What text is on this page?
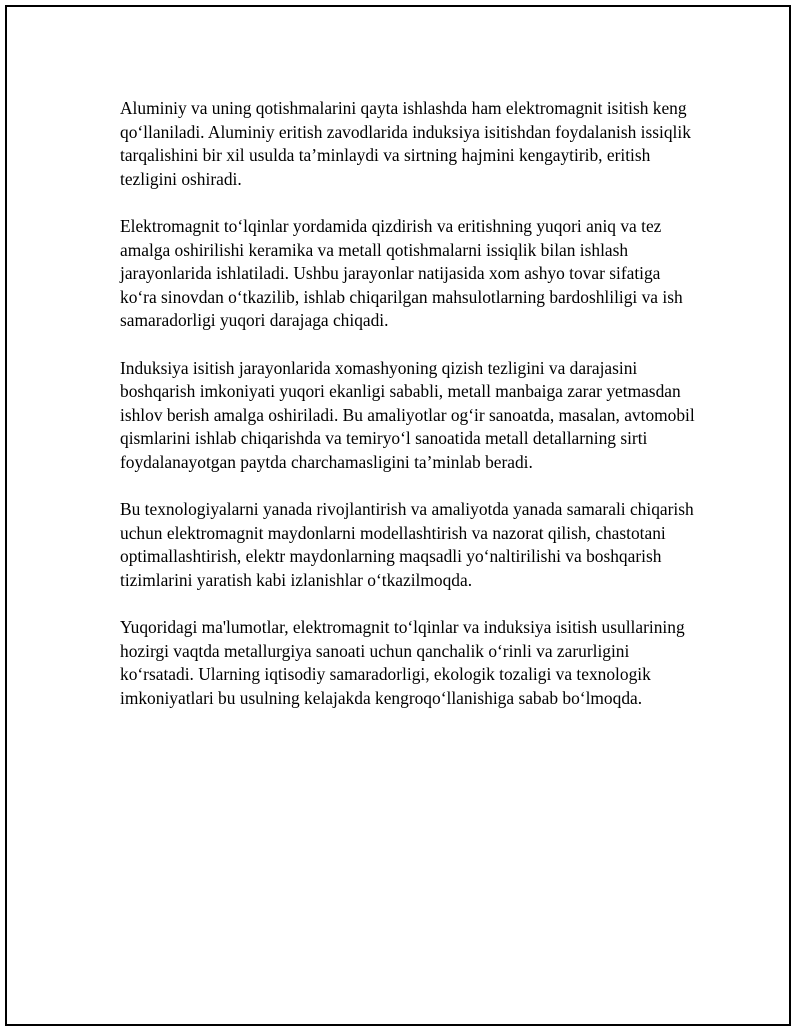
Aluminiy va uning qotishmalarini qayta ishlashda ham elektromagnit isitish keng qo‘llaniladi. Aluminiy eritish zavodlarida induksiya isitishdan foydalanish issiqlik tarqalishini bir xil usulda ta’minlaydi va sirtning hajmini kengaytirib, eritish tezligini oshiradi.

Elektromagnit to‘lqinlar yordamida qizdirish va eritishning yuqori aniq va tez amalga oshirilishi keramika va metall qotishmalarni issiqlik bilan ishlash jarayonlarida ishlatiladi. Ushbu jarayonlar natijasida xom ashyo tovar sifatiga ko‘ra sinovdan o‘tkazilib, ishlab chiqarilgan mahsulotlarning bardoshliligi va ish samaradorligi yuqori darajaga chiqadi.

Induksiya isitish jarayonlarida xomashyoning qizish tezligini va darajasini boshqarish imkoniyati yuqori ekanligi sababli, metall manbaiga zarar yetmasdan ishlov berish amalga oshiriladi. Bu amaliyotlar og‘ir sanoatda, masalan, avtomobil qismlarini ishlab chiqarishda va temiryo‘l sanoatida metall detallarning sirti foydalanayotgan paytda charchamasligini ta’minlab beradi.

Bu texnologiyalarni yanada rivojlantirish va amaliyotda yanada samarali chiqarish uchun elektromagnit maydonlarni modellashtirish va nazorat qilish, chastotani optimallashtirish, elektr maydonlarning maqsadli yo‘naltirilishi va boshqarish tizimlarini yaratish kabi izlanishlar o‘tkazilmoqda.

Yuqoridagi ma'lumotlar, elektromagnit to‘lqinlar va induksiya isitish usullarining hozirgi vaqtda metallurgiya sanoati uchun qanchalik o‘rinli va zarurligini ko‘rsatadi. Ularning iqtisodiy samaradorligi, ekologik tozaligi va texnologik imkoniyatlari bu usulning kelajakda kengroqo‘llanishiga sabab bo‘lmoqda.
